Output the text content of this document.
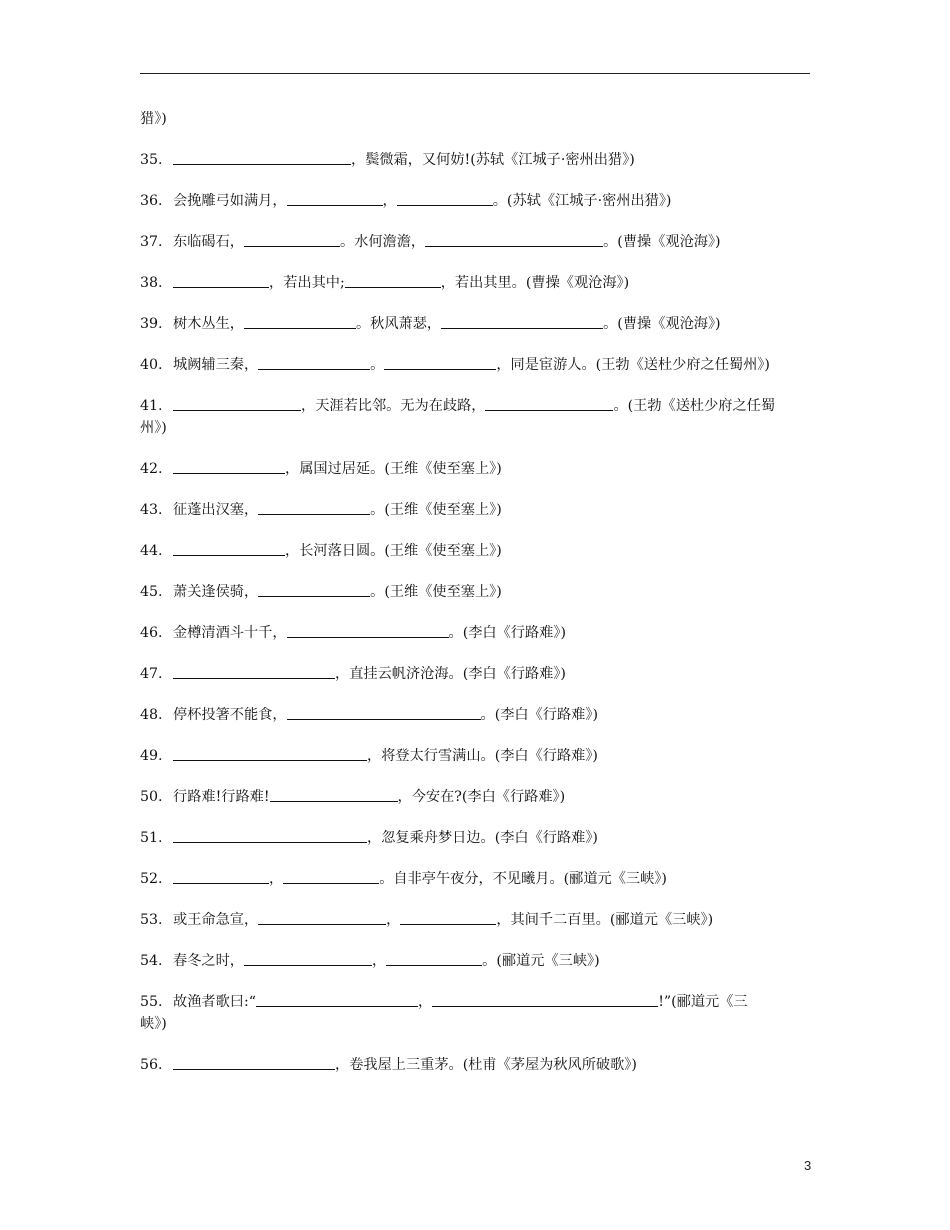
猎》)

35.	，鬓微霜，又何妨!(苏轼《江城子·密州出猎》)

36. 会挽雕弓如满月，	，	。(苏轼《江城子·密州出猎》)

37. 东临碣石，	。水何澹澹，	。(曹操《观沧海》)

38.	，若出其中;	，若出其里。(曹操《观沧海》)

39. 树木丛生，	。秋风萧瑟，	。(曹操《观沧海》)

40. 城阙辅三秦，	。	，同是宦游人。(王勃《送杜少府之任蜀州》)

41.	，天涯若比邻。无为在歧路，	。(王勃《送杜少府之任蜀

州》)

42.	，属国过居延。(王维《使至塞上》)

43. 征蓬出汉塞，	。(王维《使至塞上》)

44.	，长河落日圆。(王维《使至塞上》)

45. 萧关逢侯骑，	。(王维《使至塞上》)

46. 金樽清酒斗十千，	。(李白《行路难》)

47.	，直挂云帆济沧海。(李白《行路难》)

48. 停杯投箸不能食，	。(李白《行路难》)

49.	，将登太行雪满山。(李白《行路难》)

50. 行路难!行路难!	，今安在?(李白《行路难》)

51.	，忽复乘舟梦日边。(李白《行路难》)

52.	，	。自非亭午夜分，不见曦月。(郦道元《三峡》)

53. 或王命急宣，	，	，其间千二百里。(郦道元《三峡》)

54. 春冬之时，	，	。(郦道元《三峡》)

55. 故渔者歌曰:“	，	!”(郦道元《三

峡》)

56.	，卷我屋上三重茅。(杜甫《茅屋为秋风所破歌》)

3
